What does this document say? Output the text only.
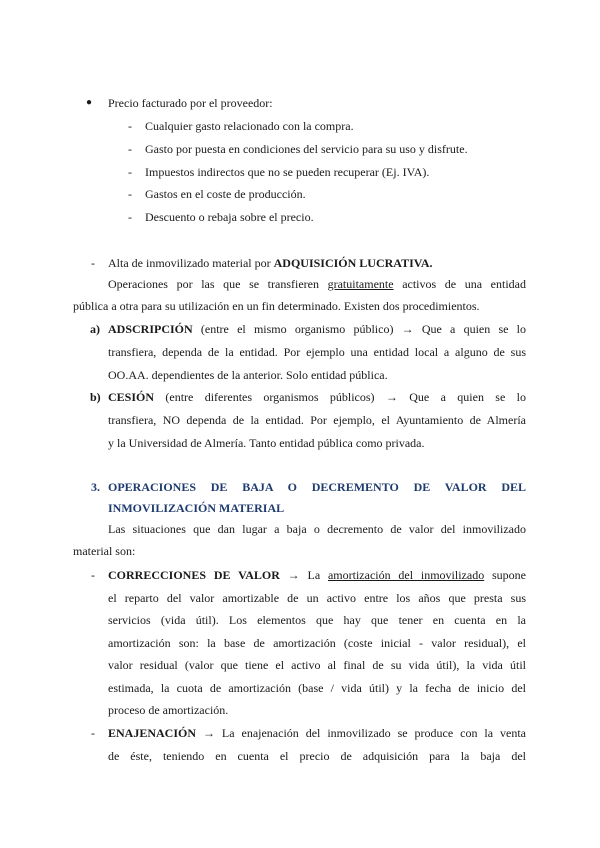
● Precio facturado por el proveedor:
- Cualquier gasto relacionado con la compra.
- Gasto por puesta en condiciones del servicio para su uso y disfrute.
- Impuestos indirectos que no se pueden recuperar (Ej. IVA).
- Gastos en el coste de producción.
- Descuento o rebaja sobre el precio.
- Alta de inmovilizado material por ADQUISICIÓN LUCRATIVA.
Operaciones por las que se transfieren gratuitamente activos de una entidad
pública a otra para su utilización en un fin determinado. Existen dos procedimientos.
a) ADSCRIPCIÓN (entre el mismo organismo público) → Que a quien se lo
transfiera, dependa de la entidad. Por ejemplo una entidad local a alguno de sus
OO.AA. dependientes de la anterior. Solo entidad pública.
b) CESIÓN (entre diferentes organismos públicos) → Que a quien se lo
transfiera, NO dependa de la entidad. Por ejemplo, el Ayuntamiento de Almería
y la Universidad de Almería. Tanto entidad pública como privada.
3. OPERACIONES DE BAJA O DECREMENTO DE VALOR DEL
INMOVILIZACIÓN MATERIAL
Las situaciones que dan lugar a baja o decremento de valor del inmovilizado
material son:
- CORRECCIONES DE VALOR → La amortización del inmovilizado supone
el reparto del valor amortizable de un activo entre los años que presta sus
servicios (vida útil). Los elementos que hay que tener en cuenta en la
amortización son: la base de amortización (coste inicial - valor residual), el
valor residual (valor que tiene el activo al final de su vida útil), la vida útil
estimada, la cuota de amortización (base / vida útil) y la fecha de inicio del
proceso de amortización.
- ENAJENACIÓN → La enajenación del inmovilizado se produce con la venta
de éste, teniendo en cuenta el precio de adquisición para la baja del
